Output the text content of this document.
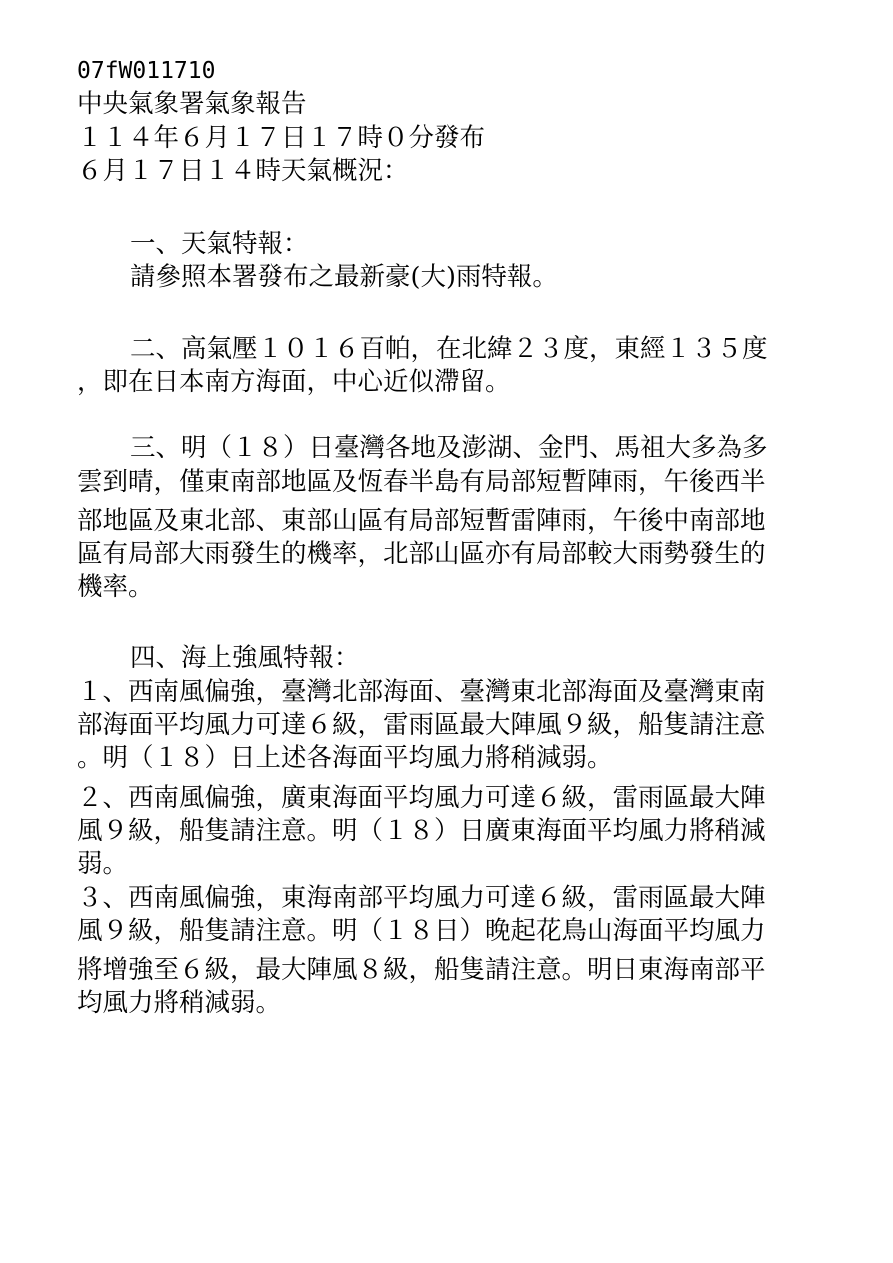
07fW011710
中央氣象署氣象報告
１１４年６月１７日１７時０分發布
６月１７日１４時天氣概況：
一、天氣特報：
請參照本署發布之最新豪(大)雨特報。
二、高氣壓１０１６百帕，在北緯２３度，東經１３５度
，即在日本南方海面，中心近似滯留。
三、明（１８）日臺灣各地及澎湖、金門、馬祖大多為多
雲到晴，僅東南部地區及恆春半島有局部短暫陣雨，午後西半
部地區及東北部、東部山區有局部短暫雷陣雨，午後中南部地
區有局部大雨發生的機率，北部山區亦有局部較大雨勢發生的
機率。
四、海上強風特報：
１、西南風偏強，臺灣北部海面、臺灣東北部海面及臺灣東南
部海面平均風力可達６級，雷雨區最大陣風９級，船隻請注意
。明（１８）日上述各海面平均風力將稍減弱。
２、西南風偏強，廣東海面平均風力可達６級，雷雨區最大陣
風９級，船隻請注意。明（１８）日廣東海面平均風力將稍減
弱。
３、西南風偏強，東海南部平均風力可達６級，雷雨區最大陣
風９級，船隻請注意。明（１８日）晚起花鳥山海面平均風力
將增強至６級，最大陣風８級，船隻請注意。明日東海南部平
均風力將稍減弱。
